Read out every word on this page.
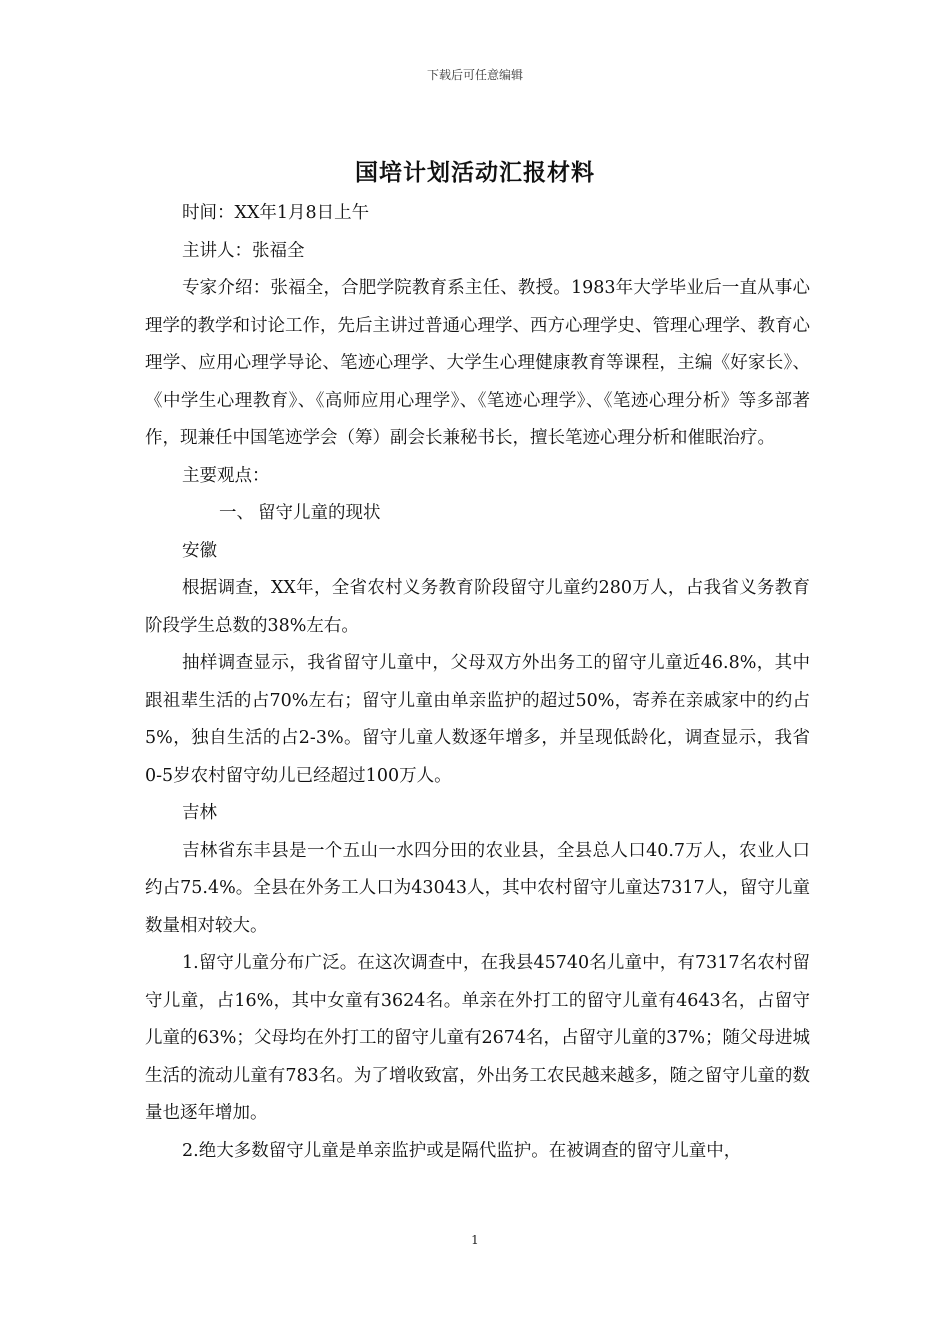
下载后可任意编辑
国培计划活动汇报材料

时间：XX年1月8日上午

主讲人：张福全

专家介绍：张福全，合肥学院教育系主任、教授。1983年大学毕业后一直从事心理学的教学和讨论工作，先后主讲过普通心理学、西方心理学史、管理心理学、教育心理学、应用心理学导论、笔迹心理学、大学生心理健康教育等课程，主编《好家长》、《中学生心理教育》、《高师应用心理学》、《笔迹心理学》、《笔迹心理分析》等多部著作，现兼任中国笔迹学会（筹）副会长兼秘书长，擅长笔迹心理分析和催眠治疗。

主要观点：

一、 留守儿童的现状

安徽

根据调查，XX年，全省农村义务教育阶段留守儿童约280万人，占我省义务教育阶段学生总数的38%左右。

抽样调查显示，我省留守儿童中，父母双方外出务工的留守儿童近46.8%，其中跟祖辈生活的占70%左右；留守儿童由单亲监护的超过50%，寄养在亲戚家中的约占5%，独自生活的占2-3%。留守儿童人数逐年增多，并呈现低龄化，调查显示，我省0-5岁农村留守幼儿已经超过100万人。

吉林

吉林省东丰县是一个五山一水四分田的农业县，全县总人口40.7万人，农业人口约占75.4%。全县在外务工人口为43043人，其中农村留守儿童达7317人，留守儿童数量相对较大。

1.留守儿童分布广泛。在这次调查中，在我县45740名儿童中，有7317名农村留守儿童，占16%，其中女童有3624名。单亲在外打工的留守儿童有4643名，占留守儿童的63%；父母均在外打工的留守儿童有2674名，占留守儿童的37%；随父母进城生活的流动儿童有783名。为了增收致富，外出务工农民越来越多，随之留守儿童的数量也逐年增加。

2.绝大多数留守儿童是单亲监护或是隔代监护。在被调查的留守儿童中，

1
